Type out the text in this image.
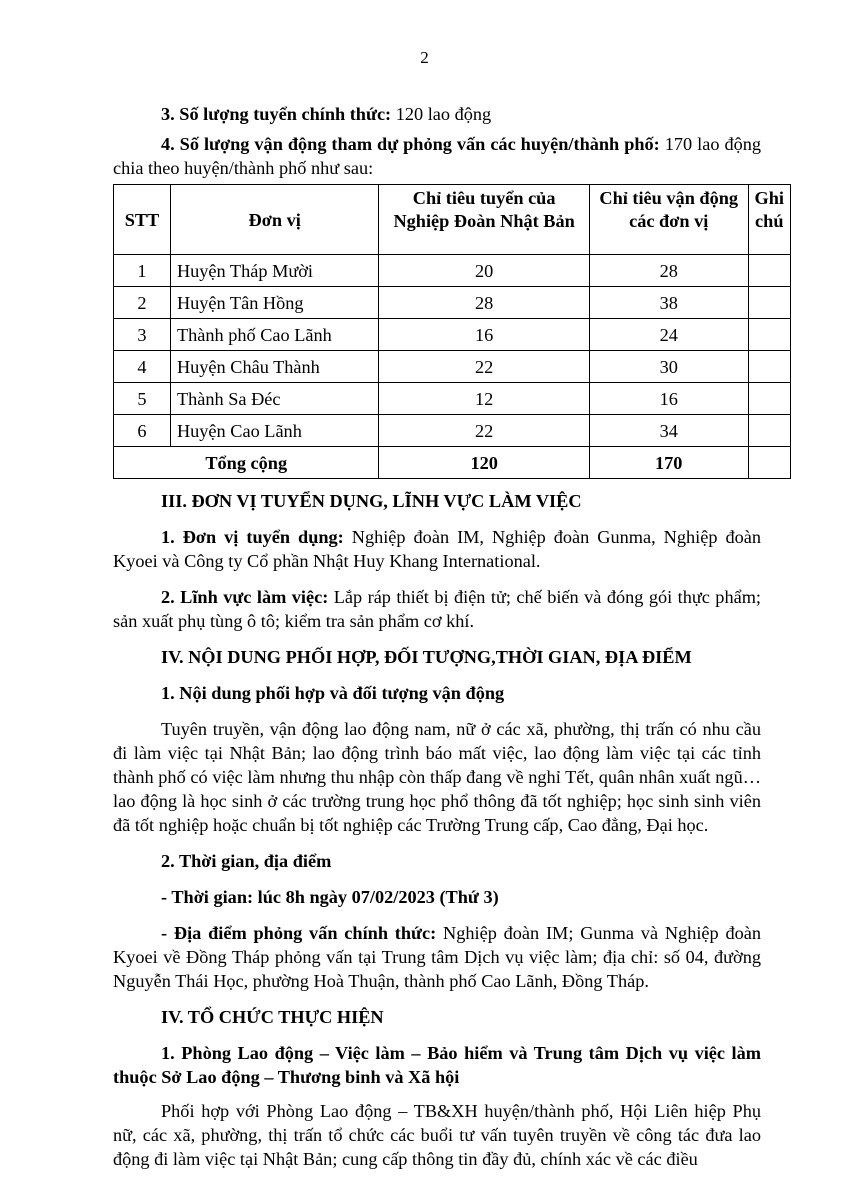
2

3. Số lượng tuyển chính thức: 120 lao động

4. Số lượng vận động tham dự phỏng vấn các huyện/thành phố: 170 lao động chia theo huyện/thành phố như sau:

STT	Đơn vị	Chỉ tiêu tuyển của Nghiệp Đoàn Nhật Bản	Chỉ tiêu vận động các đơn vị	Ghi chú
1	Huyện Tháp Mười	20	28	
2	Huyện Tân Hồng	28	38	
3	Thành phố Cao Lãnh	16	24	
4	Huyện Châu Thành	22	30	
5	Thành Sa Đéc	12	16	
6	Huyện Cao Lãnh	22	34	
Tổng cộng		120	170	

III. ĐƠN VỊ TUYỂN DỤNG, LĨNH VỰC LÀM VIỆC

1. Đơn vị tuyển dụng: Nghiệp đoàn IM, Nghiệp đoàn Gunma, Nghiệp đoàn Kyoei và Công ty Cổ phần Nhật Huy Khang International.

2. Lĩnh vực làm việc: Lắp ráp thiết bị điện tử; chế biến và đóng gói thực phẩm; sản xuất phụ tùng ô tô; kiểm tra sản phẩm cơ khí.

IV. NỘI DUNG PHỐI HỢP, ĐỐI TƯỢNG,THỜI GIAN, ĐỊA ĐIỂM

1. Nội dung phối hợp và đối tượng vận động

Tuyên truyền, vận động lao động nam, nữ ở các xã, phường, thị trấn có nhu cầu đi làm việc tại Nhật Bản; lao động trình báo mất việc, lao động làm việc tại các tỉnh thành phố có việc làm nhưng thu nhập còn thấp đang về nghỉ Tết, quân nhân xuất ngũ… lao động là học sinh ở các trường trung học phổ thông đã tốt nghiệp; học sinh sinh viên đã tốt nghiệp hoặc chuẩn bị tốt nghiệp các Trường Trung cấp, Cao đẳng, Đại học.

2. Thời gian, địa điểm

- Thời gian: lúc 8h ngày 07/02/2023 (Thứ 3)

- Địa điểm phỏng vấn chính thức: Nghiệp đoàn IM; Gunma và Nghiệp đoàn Kyoei về Đồng Tháp phỏng vấn tại Trung tâm Dịch vụ việc làm; địa chỉ: số 04, đường Nguyễn Thái Học, phường Hoà Thuận, thành phố Cao Lãnh, Đồng Tháp.

IV. TỔ CHỨC THỰC HIỆN

1. Phòng Lao động – Việc làm – Bảo hiểm và Trung tâm Dịch vụ việc làm thuộc Sở Lao động – Thương binh và Xã hội

Phối hợp với Phòng Lao động – TB&XH huyện/thành phố, Hội Liên hiệp Phụ nữ, các xã, phường, thị trấn tổ chức các buổi tư vấn tuyên truyền về công tác đưa lao động đi làm việc tại Nhật Bản; cung cấp thông tin đầy đủ, chính xác về các điều
